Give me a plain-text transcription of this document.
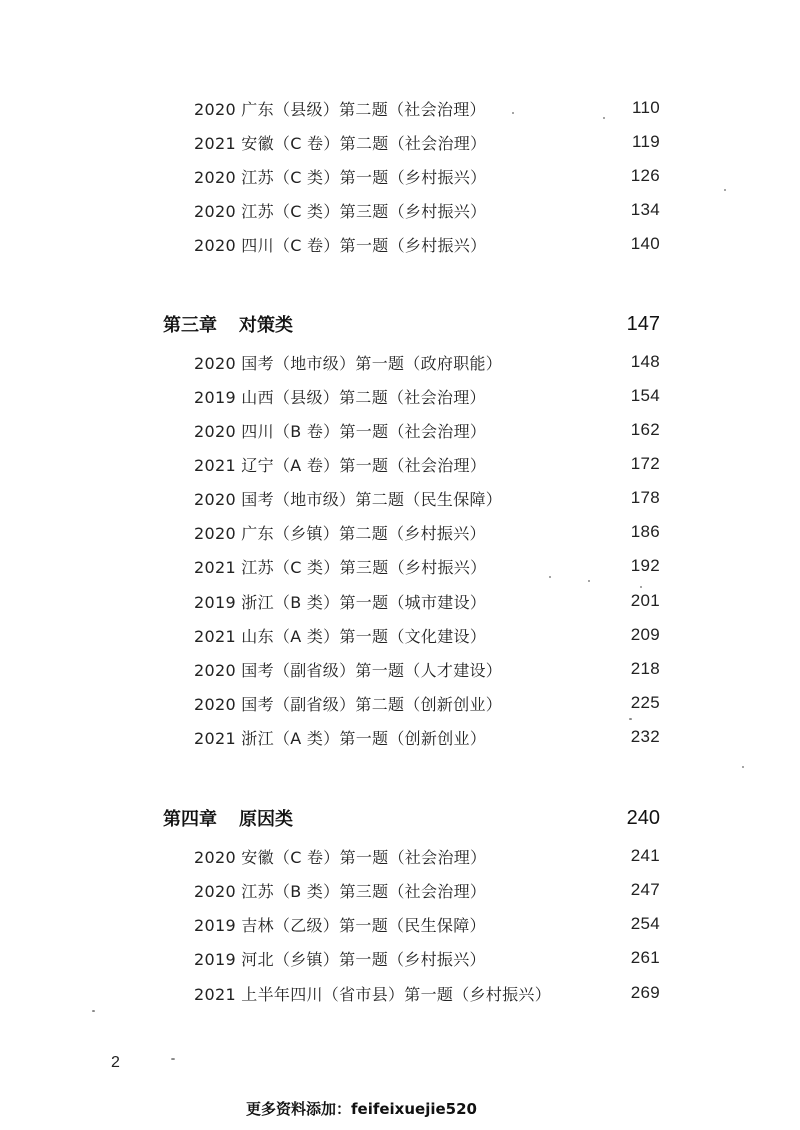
2020 广东（县级）第二题（社会治理）	110
2021 安徽（C 卷）第二题（社会治理）	119
2020 江苏（C 类）第一题（乡村振兴）	126
2020 江苏（C 类）第三题（乡村振兴）	134
2020 四川（C 卷）第一题（乡村振兴）	140
第三章 对策类	147
2020 国考（地市级）第一题（政府职能）	148
2019 山西（县级）第二题（社会治理）	154
2020 四川（B 卷）第一题（社会治理）	162
2021 辽宁（A 卷）第一题（社会治理）	172
2020 国考（地市级）第二题（民生保障）	178
2020 广东（乡镇）第二题（乡村振兴）	186
2021 江苏（C 类）第三题（乡村振兴）	192
2019 浙江（B 类）第一题（城市建设）	201
2021 山东（A 类）第一题（文化建设）	209
2020 国考（副省级）第一题（人才建设）	218
2020 国考（副省级）第二题（创新创业）	225
2021 浙江（A 类）第一题（创新创业）	232
第四章 原因类	240
2020 安徽（C 卷）第一题（社会治理）	241
2020 江苏（B 类）第三题（社会治理）	247
2019 吉林（乙级）第一题（民生保障）	254
2019 河北（乡镇）第一题（乡村振兴）	261
2021 上半年四川（省市县）第一题（乡村振兴）	269
2
更多资料添加：feifeixuejie520
